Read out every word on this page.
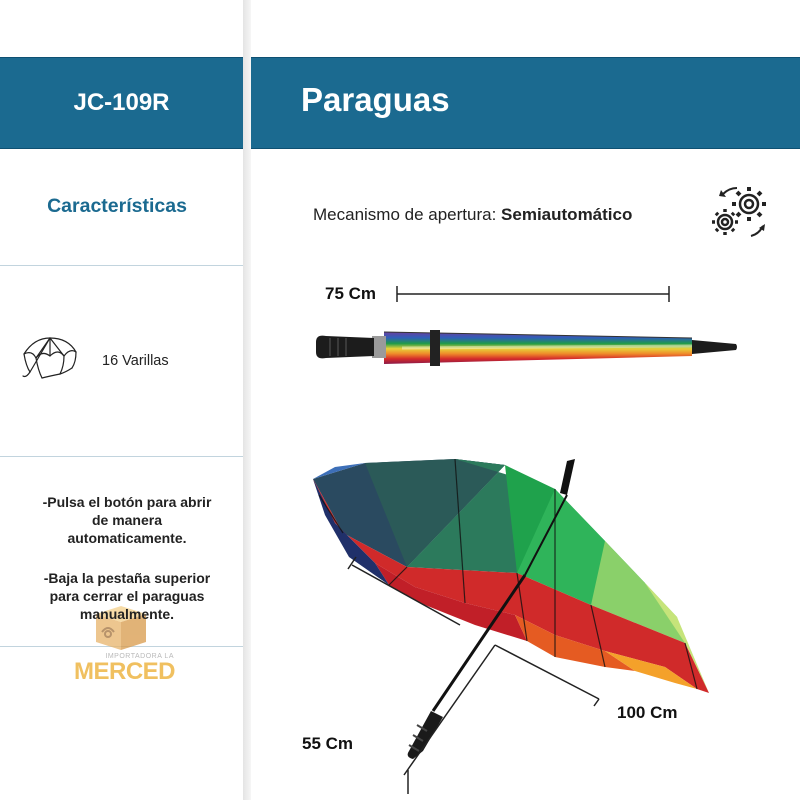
JC-109R	Paraguas
Características
16 Varillas
-Pulsa el botón para abrir
de manera
automaticamente.
-Baja la pestaña superior
para cerrar el paraguas
manualmente.
IMPORTADORA LA
MERCED
Mecanismo de apertura: Semiautomático
75 Cm
100 Cm
55 Cm
